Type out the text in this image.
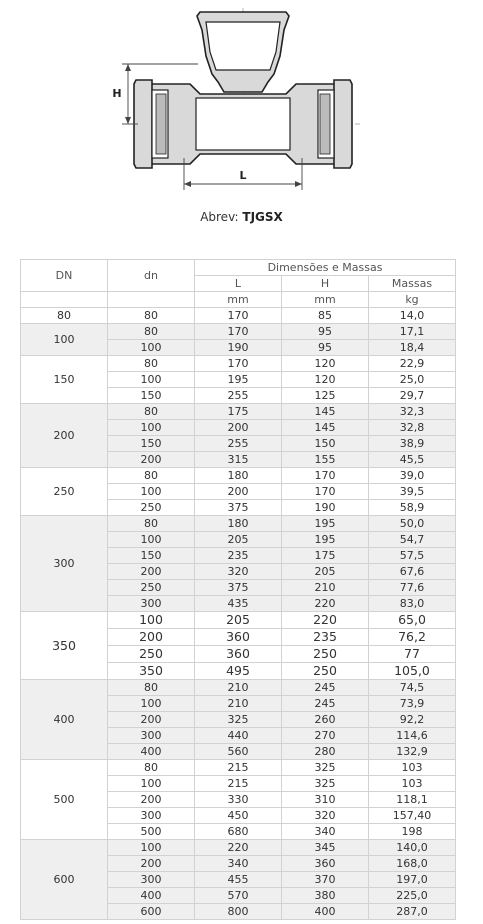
H
L
Abrev: TJGSX
DN	dn	Dimensões e Massas		
		L	H	Massas
		mm	mm	kg
80	80	170	85	14,0
100	80	170	95	17,1
	100	190	95	18,4
150	80	170	120	22,9
	100	195	120	25,0
	150	255	125	29,7
200	80	175	145	32,3
	100	200	145	32,8
	150	255	150	38,9
	200	315	155	45,5
250	80	180	170	39,0
	100	200	170	39,5
	250	375	190	58,9
300	80	180	195	50,0
	100	205	195	54,7
	150	235	175	57,5
	200	320	205	67,6
	250	375	210	77,6
	300	435	220	83,0
350	100	205	220	65,0
	200	360	235	76,2
	250	360	250	77
	350	495	250	105,0
400	80	210	245	74,5
	100	210	245	73,9
	200	325	260	92,2
	300	440	270	114,6
	400	560	280	132,9
500	80	215	325	103
	100	215	325	103
	200	330	310	118,1
	300	450	320	157,40
	500	680	340	198
600	100	220	345	140,0
	200	340	360	168,0
	300	455	370	197,0
	400	570	380	225,0
	600	800	400	287,0
